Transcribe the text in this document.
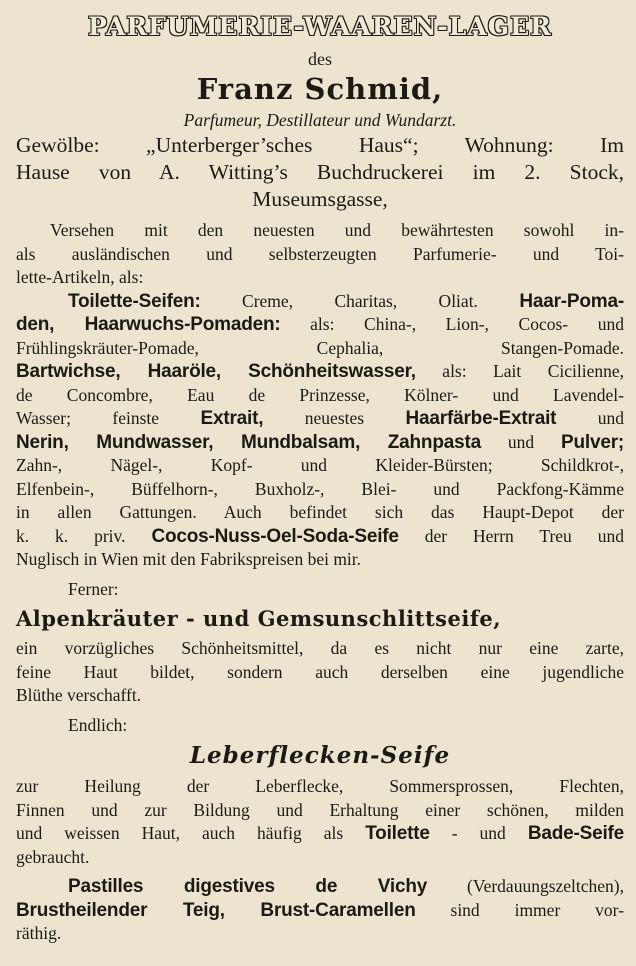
PARFUMERIE-WAAREN-LAGER
des
Franz Schmid,
Parfumeur, Destillateur und Wundarzt.
Gewölbe: „Unterberger’sches Haus“; Wohnung: Im
Hause von A. Witting’s Buchdruckerei im 2. Stock,
Museumsgasse,
Versehen mit den neuesten und bewährtesten sowohl in-
als ausländischen und selbsterzeugten Parfumerie- und Toi-
lette-Artikeln, als:
Toilette-Seifen: Creme, Charitas, Oliat. Haar-Poma-
den, Haarwuchs-Pomaden: als: China-, Lion-, Cocos- und
Frühlingskräuter-Pomade, Cephalia, Stangen-Pomade.
Bartwichse, Haaröle, Schönheitswasser, als: Lait Cicilienne,
de Concombre, Eau de Prinzesse, Kölner- und Lavendel-
Wasser; feinste Extrait, neuestes Haarfärbe-Extrait und
Nerin, Mundwasser, Mundbalsam, Zahnpasta und Pulver;
Zahn-, Nägel-, Kopf- und Kleider-Bürsten; Schildkrot-,
Elfenbein-, Büffelhorn-, Buxholz-, Blei- und Packfong-Kämme
in allen Gattungen. Auch befindet sich das Haupt-Depot der
k. k. priv. Cocos-Nuss-Oel-Soda-Seife der Herrn Treu und
Nuglisch in Wien mit den Fabrikspreisen bei mir.
Ferner:
Alpenkräuter - und Gemsunschlittseife,
ein vorzügliches Schönheitsmittel, da es nicht nur eine zarte,
feine Haut bildet, sondern auch derselben eine jugendliche
Blüthe verschafft.
Endlich:
Leberflecken-Seife
zur Heilung der Leberflecke, Sommersprossen, Flechten,
Finnen und zur Bildung und Erhaltung einer schönen, milden
und weissen Haut, auch häufig als Toilette - und Bade-Seife
gebraucht.
Pastilles digestives de Vichy (Verdauungszeltchen),
Brustheilender Teig, Brust-Caramellen sind immer vor-
räthig.
